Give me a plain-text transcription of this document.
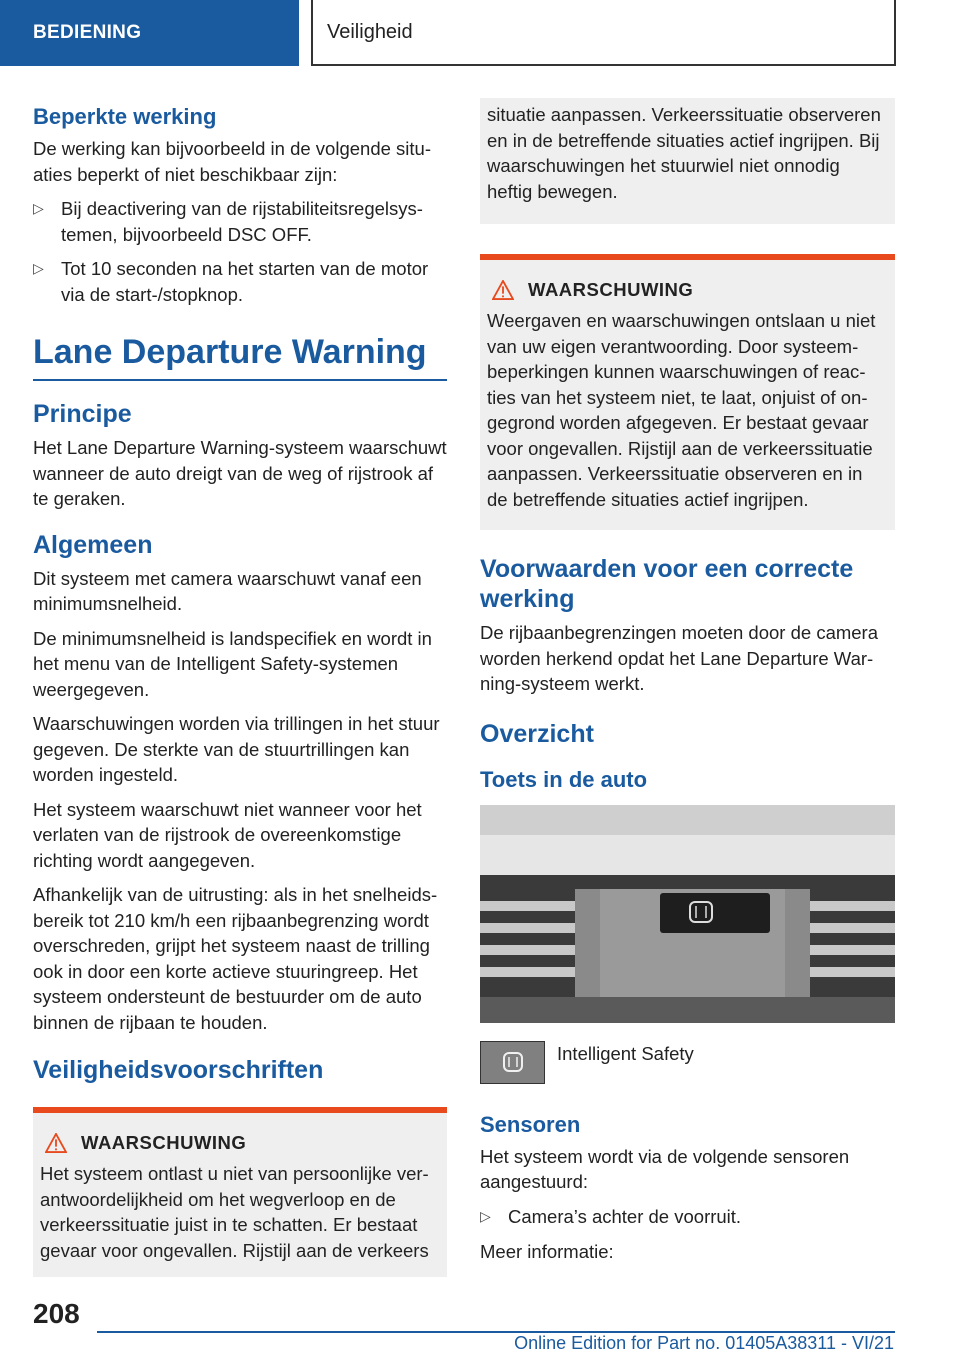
BEDIENING	Veiligheid
Beperkte werking

De werking kan bijvoorbeeld in de volgende situaties beperkt of niet beschikbaar zijn:

▷ Bij deactivering van de rijstabiliteitsregelsystemen, bijvoorbeeld DSC OFF.
▷ Tot 10 seconden na het starten van de motor via de start-/stopknop.
Lane Departure Warning
Principe

Het Lane Departure Warning-systeem waarschuwt wanneer de auto dreigt van de weg of rijstrook af te geraken.

Algemeen

Dit systeem met camera waarschuwt vanaf een minimumsnelheid.

De minimumsnelheid is landspecifiek en wordt in het menu van de Intelligent Safety-systemen weergegeven.

Waarschuwingen worden via trillingen in het stuur gegeven. De sterkte van de stuurtrillingen kan worden ingesteld.

Het systeem waarschuwt niet wanneer voor het verlaten van de rijstrook de overeenkomstige richting wordt aangegeven.

Afhankelijk van de uitrusting: als in het snelheidsbereik tot 210 km/h een rijbaanbegrenzing wordt overschreden, grijpt het systeem naast de trilling ook in door een korte actieve stuuringreep. Het systeem ondersteunt de bestuurder om de auto binnen de rijbaan te houden.

Veiligheidsvoorschriften
WAARSCHUWING

Het systeem ontlast u niet van persoonlijke verantwoordelijkheid om het wegverloop en de verkeerssituatie juist in te schatten. Er bestaat gevaar voor ongevallen. Rijstijl aan de verkeers

situatie aanpassen. Verkeerssituatie observeren en in de betreffende situaties actief ingrijpen. Bij waarschuwingen het stuurwiel niet onnodig heftig bewegen.

WAARSCHUWING

Weergaven en waarschuwingen ontslaan u niet van uw eigen verantwoording. Door systeembeperkingen kunnen waarschuwingen of reacties van het systeem niet, te laat, onjuist of ongegrond worden afgegeven. Er bestaat gevaar voor ongevallen. Rijstijl aan de verkeerssituatie aanpassen. Verkeerssituatie observeren en in de betreffende situaties actief ingrijpen.

Voorwaarden voor een correcte werking

De rijbaanbegrenzingen moeten door de camera worden herkend opdat het Lane Departure Warning-systeem werkt.

Overzicht
Toets in de auto
Intelligent Safety
Sensoren

Het systeem wordt via de volgende sensoren aangestuurd:

▷ Camera’s achter de voorruit.

Meer informatie:

208
Online Edition for Part no. 01405A38311 - VI/21
